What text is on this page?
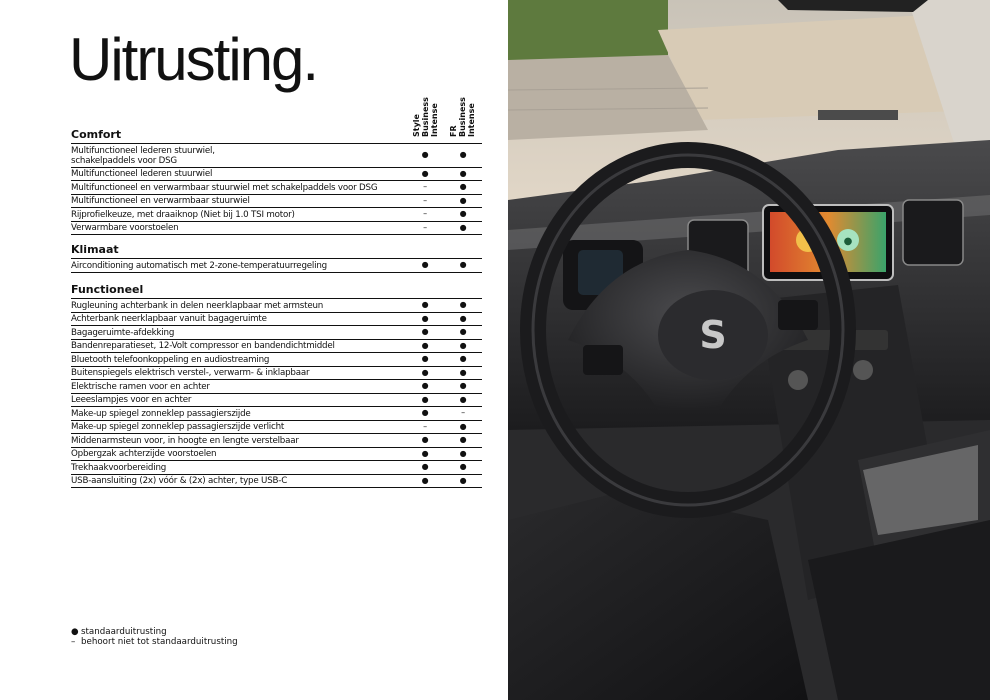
Uitrusting.
Style Business Intense FR Business Intense
Comfort
Multifunctioneel lederen stuurwiel,
schakelpaddels voor DSG
●	●
Multifunctioneel lederen stuurwiel	●	●
Multifunctioneel en verwarmbaar stuurwiel met schakelpaddels voor DSG	–	●
Multifunctioneel en verwarmbaar stuurwiel	–	●
Rijprofielkeuze, met draaiknop (Niet bij 1.0 TSI motor)	–	●
Verwarmbare voorstoelen	–	●
Klimaat
Airconditioning automatisch met 2-zone-temperatuurregeling	●	●
Functioneel
Rugleuning achterbank in delen neerklapbaar met armsteun	●	●
Achterbank neerklapbaar vanuit bagageruimte	●	●
Bagageruimte-afdekking	●	●
Bandenreparatieset, 12-Volt compressor en bandendichtmiddel	●	●
Bluetooth telefoonkoppeling en audiostreaming	●	●
Buitenspiegels elektrisch verstel-, verwarm- & inklapbaar	●	●
Elektrische ramen voor en achter	●	●
Leeeslampjes voor en achter	●	●
Make-up spiegel zonneklep passagierszijde	●	–
Make-up spiegel zonneklep passagierszijde verlicht	–	●
Middenarmsteun voor, in hoogte en lengte verstelbaar	●	●
Opbergzak achterzijde voorstoelen	●	●
Trekhaakvoorbereiding	●	●
USB-aansluiting (2x) vóór & (2x) achter, type USB-C	●	●
● standaarduitrusting
– behoort niet tot standaarduitrusting
●
S
